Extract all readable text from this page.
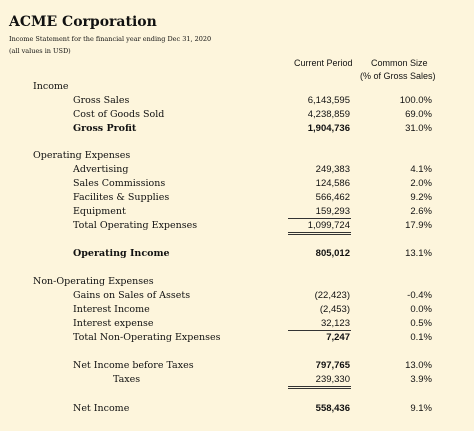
ACME Corporation
Income Statement for the financial year ending Dec 31, 2020
(all values in USD)
Current Period Common Size
(% of Gross Sales)
Income
Gross Sales	6,143,595	100.0%
Cost of Goods Sold	4,238,859	69.0%
Gross Profit	1,904,736	31.0%
Operating Expenses
Advertising	249,383	4.1%
Sales Commissions	124,586	2.0%
Facilites & Supplies	566,462	9.2%
Equipment	159,293	2.6%
Total Operating Expenses	1,099,724	17.9%
Operating Income	805,012	13.1%
Non-Operating Expenses
Gains on Sales of Assets	(22,423)	-0.4%
Interest Income	(2,453)	0.0%
Interest expense	32,123	0.5%
Total Non-Operating Expenses	7,247	0.1%
Net Income before Taxes	797,765	13.0%
Taxes	239,330	3.9%
Net Income	558,436	9.1%
